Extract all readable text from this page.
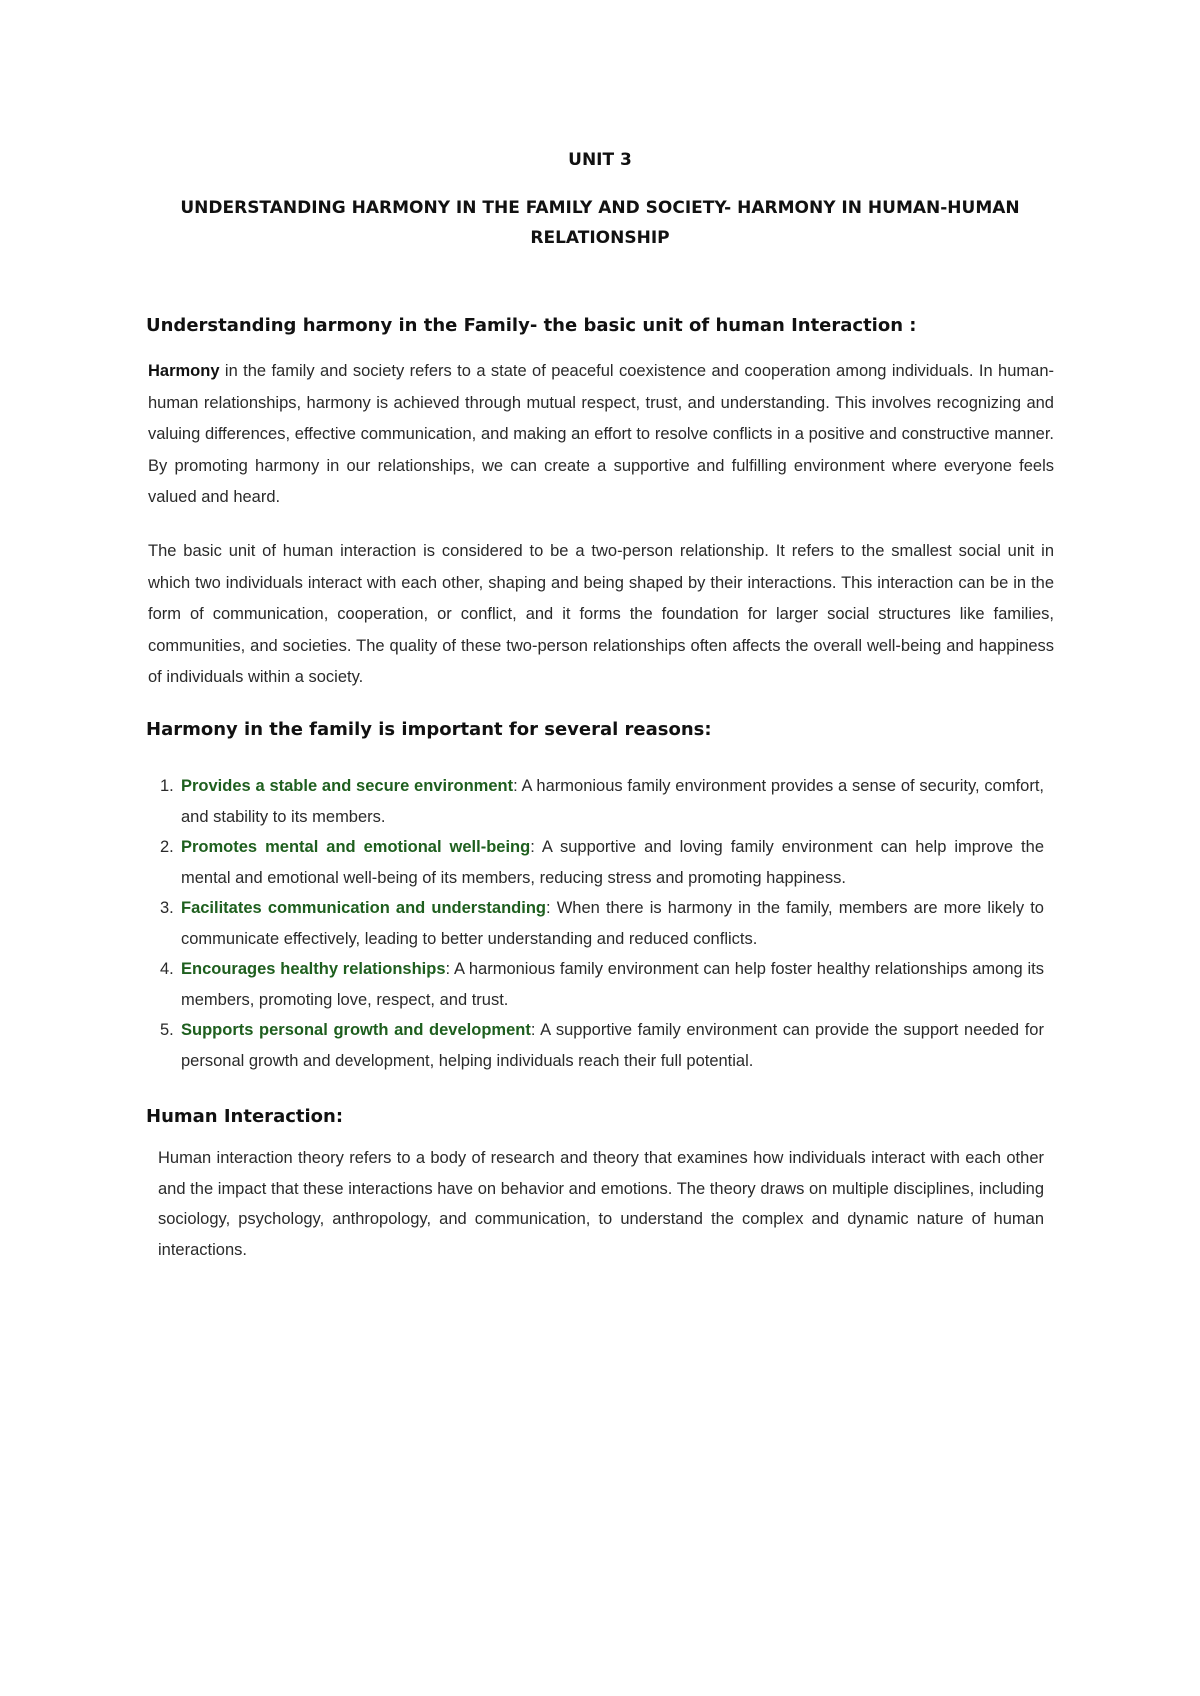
UNIT 3
UNDERSTANDING HARMONY IN THE FAMILY AND SOCIETY- HARMONY IN HUMAN-HUMAN RELATIONSHIP
Understanding harmony in the Family- the basic unit of human Interaction :
Harmony in the family and society refers to a state of peaceful coexistence and cooperation among individuals. In human-human relationships, harmony is achieved through mutual respect, trust, and understanding. This involves recognizing and valuing differences, effective communication, and making an effort to resolve conflicts in a positive and constructive manner. By promoting harmony in our relationships, we can create a supportive and fulfilling environment where everyone feels valued and heard.
The basic unit of human interaction is considered to be a two-person relationship. It refers to the smallest social unit in which two individuals interact with each other, shaping and being shaped by their interactions. This interaction can be in the form of communication, cooperation, or conflict, and it forms the foundation for larger social structures like families, communities, and societies. The quality of these two-person relationships often affects the overall well-being and happiness of individuals within a society.
Harmony in the family is important for several reasons:
1. Provides a stable and secure environment: A harmonious family environment provides a sense of security, comfort, and stability to its members.
2. Promotes mental and emotional well-being: A supportive and loving family environment can help improve the mental and emotional well-being of its members, reducing stress and promoting happiness.
3. Facilitates communication and understanding: When there is harmony in the family, members are more likely to communicate effectively, leading to better understanding and reduced conflicts.
4. Encourages healthy relationships: A harmonious family environment can help foster healthy relationships among its members, promoting love, respect, and trust.
5. Supports personal growth and development: A supportive family environment can provide the support needed for personal growth and development, helping individuals reach their full potential.
Human Interaction:
Human interaction theory refers to a body of research and theory that examines how individuals interact with each other and the impact that these interactions have on behavior and emotions. The theory draws on multiple disciplines, including sociology, psychology, anthropology, and communication, to understand the complex and dynamic nature of human interactions.
